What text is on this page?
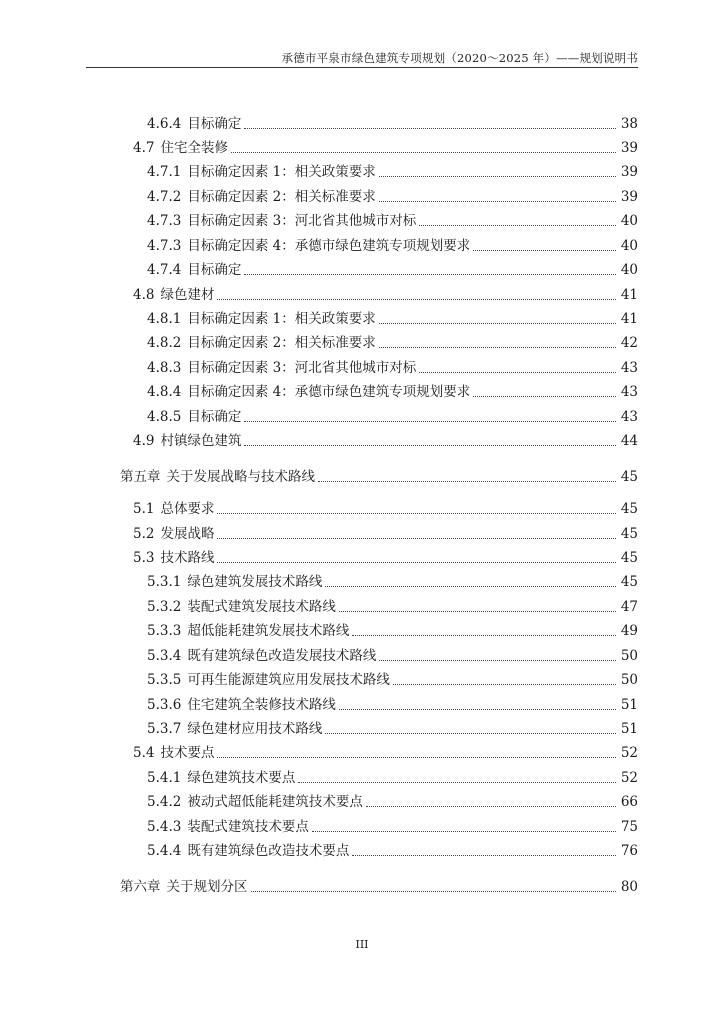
承德市平泉市绿色建筑专项规划（2020～2025 年）——规划说明书
4.6.4 目标确定	38
4.7 住宅全装修	39
4.7.1 目标确定因素 1：相关政策要求	39
4.7.2 目标确定因素 2：相关标准要求	39
4.7.3 目标确定因素 3：河北省其他城市对标	40
4.7.3 目标确定因素 4：承德市绿色建筑专项规划要求	40
4.7.4 目标确定	40
4.8 绿色建材	41
4.8.1 目标确定因素 1：相关政策要求	41
4.8.2 目标确定因素 2：相关标准要求	42
4.8.3 目标确定因素 3：河北省其他城市对标	43
4.8.4 目标确定因素 4：承德市绿色建筑专项规划要求	43
4.8.5 目标确定	43
4.9 村镇绿色建筑	44
第五章 关于发展战略与技术路线	45
5.1 总体要求	45
5.2 发展战略	45
5.3 技术路线	45
5.3.1 绿色建筑发展技术路线	45
5.3.2 装配式建筑发展技术路线	47
5.3.3 超低能耗建筑发展技术路线	49
5.3.4 既有建筑绿色改造发展技术路线	50
5.3.5 可再生能源建筑应用发展技术路线	50
5.3.6 住宅建筑全装修技术路线	51
5.3.7 绿色建材应用技术路线	51
5.4 技术要点	52
5.4.1 绿色建筑技术要点	52
5.4.2 被动式超低能耗建筑技术要点	66
5.4.3 装配式建筑技术要点	75
5.4.4 既有建筑绿色改造技术要点	76
第六章 关于规划分区	80
III
